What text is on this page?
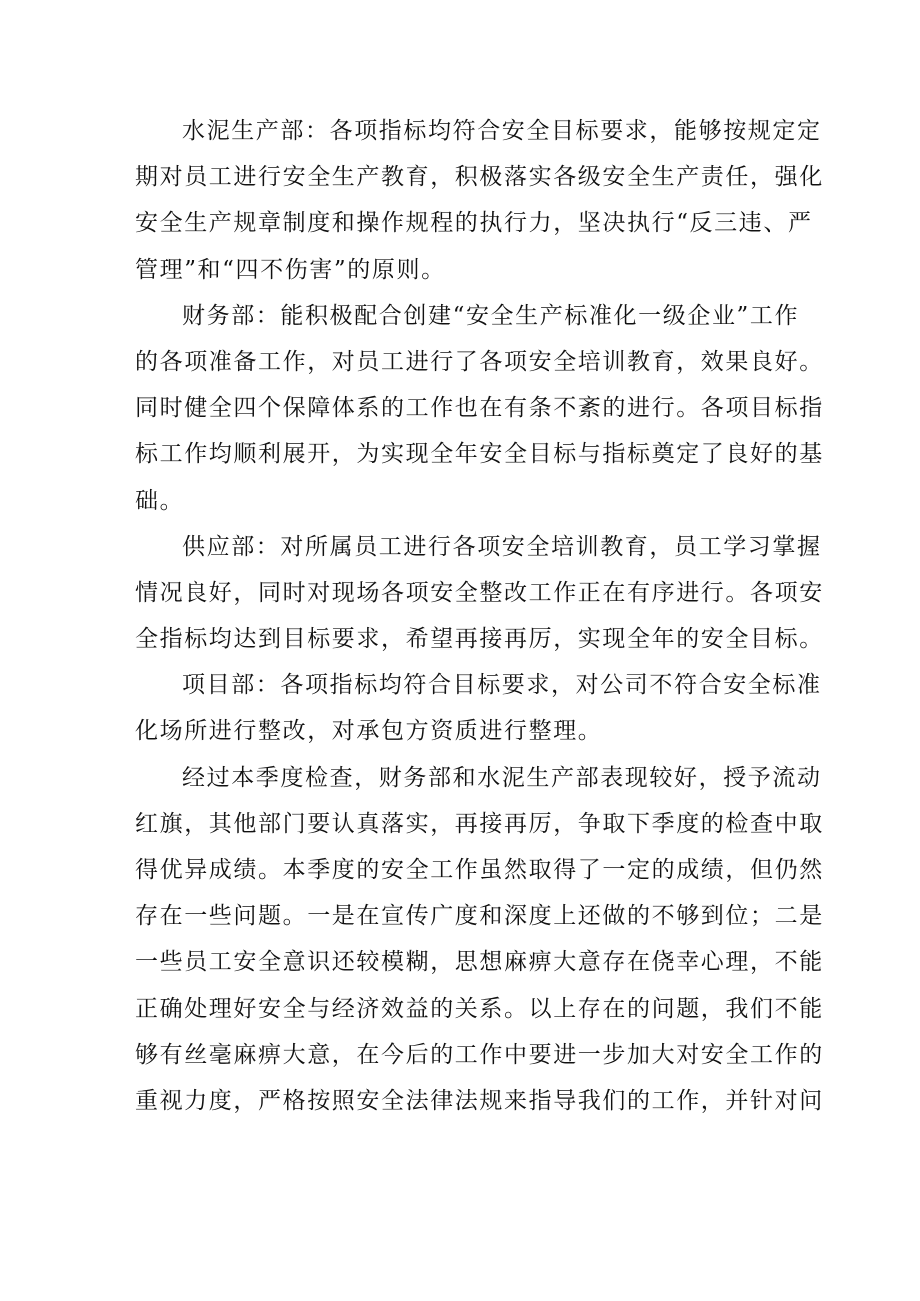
水泥生产部：各项指标均符合安全目标要求，能够按规定定
期对员工进行安全生产教育，积极落实各级安全生产责任，强化
安全生产规章制度和操作规程的执行力，坚决执行“反三违、严
管理”和“四不伤害”的原则。
财务部：能积极配合创建“安全生产标准化一级企业”工作
的各项准备工作，对员工进行了各项安全培训教育，效果良好。
同时健全四个保障体系的工作也在有条不紊的进行。各项目标指
标工作均顺利展开，为实现全年安全目标与指标奠定了良好的基
础。
供应部：对所属员工进行各项安全培训教育，员工学习掌握
情况良好，同时对现场各项安全整改工作正在有序进行。各项安
全指标均达到目标要求，希望再接再厉，实现全年的安全目标。
项目部：各项指标均符合目标要求，对公司不符合安全标准
化场所进行整改，对承包方资质进行整理。
经过本季度检查，财务部和水泥生产部表现较好，授予流动
红旗，其他部门要认真落实，再接再厉，争取下季度的检查中取
得优异成绩。本季度的安全工作虽然取得了一定的成绩，但仍然
存在一些问题。一是在宣传广度和深度上还做的不够到位；二是
一些员工安全意识还较模糊，思想麻痹大意存在侥幸心理，不能
正确处理好安全与经济效益的关系。以上存在的问题，我们不能
够有丝毫麻痹大意，在今后的工作中要进一步加大对安全工作的
重视力度，严格按照安全法律法规来指导我们的工作，并针对问
